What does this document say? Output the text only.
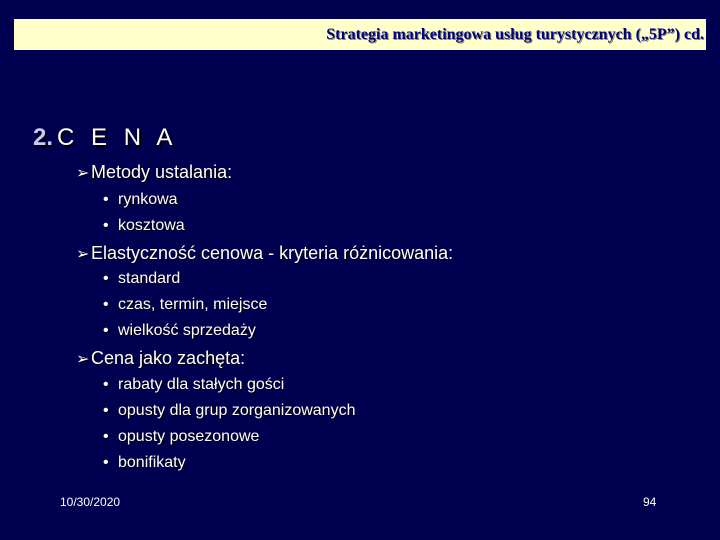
Strategia marketingowa usług turystycznych („5P”) cd.
2. C E N A
➢Metody ustalania:
• rynkowa
• kosztowa
➢Elastyczność cenowa - kryteria różnicowania:
• standard
• czas, termin, miejsce
• wielkość sprzedaży
➢Cena jako zachęta:
• rabaty dla stałych gości
• opusty dla grup zorganizowanych
• opusty posezonowe
• bonifikaty
10/30/2020	94
